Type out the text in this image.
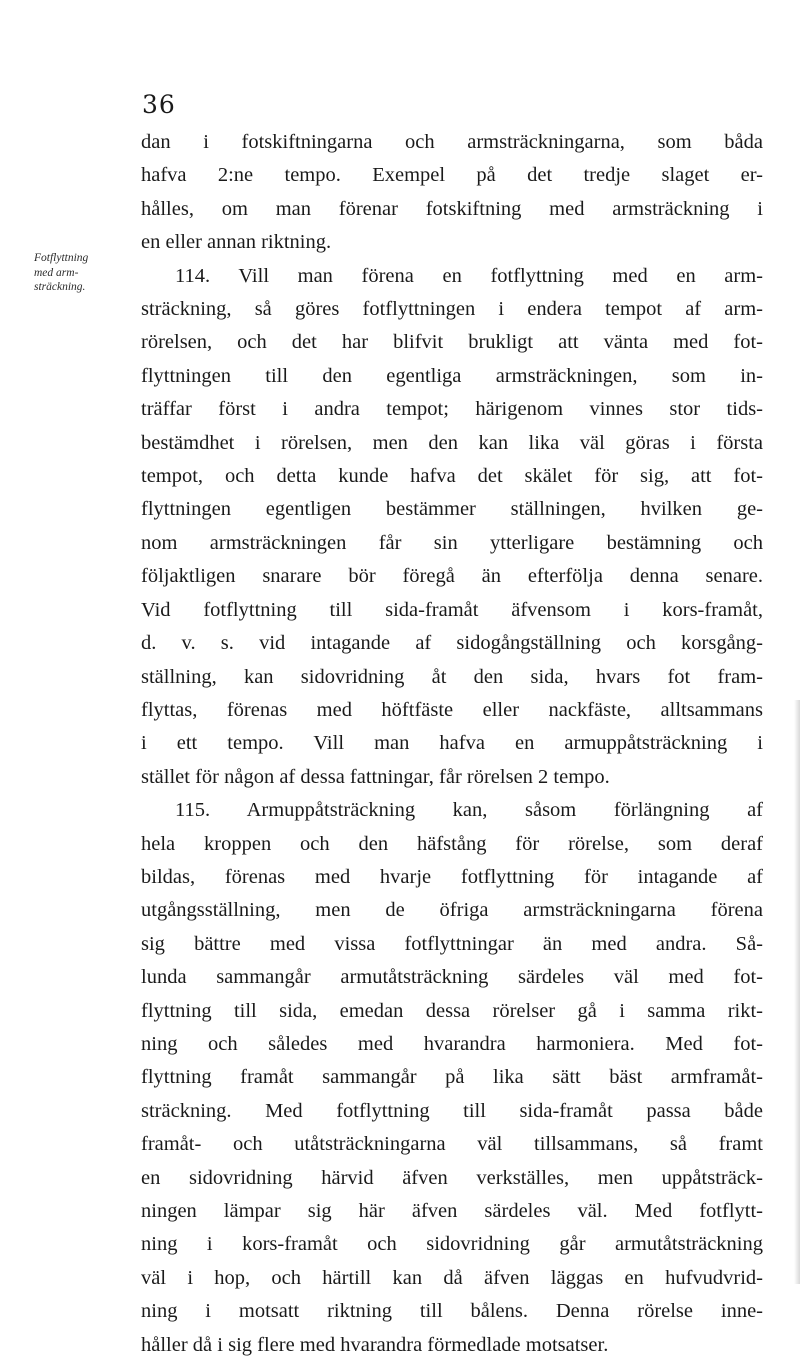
36
Fotflyttning
med arm-
sträckning.
dan i fotskiftningarna och armsträckningarna, som båda
hafva 2:ne tempo. Exempel på det tredje slaget er-
hålles, om man förenar fotskiftning med armsträckning i
en eller annan riktning.
114. Vill man förena en fotflyttning med en arm-
sträckning, så göres fotflyttningen i endera tempot af arm-
rörelsen, och det har blifvit brukligt att vänta med fot-
flyttningen till den egentliga armsträckningen, som in-
träffar först i andra tempot; härigenom vinnes stor tids-
bestämdhet i rörelsen, men den kan lika väl göras i första
tempot, och detta kunde hafva det skälet för sig, att fot-
flyttningen egentligen bestämmer ställningen, hvilken ge-
nom armsträckningen får sin ytterligare bestämning och
följaktligen snarare bör föregå än efterfölja denna senare.
Vid fotflyttning till sida-framåt äfvensom i kors-framåt,
d. v. s. vid intagande af sidogångställning och korsgång-
ställning, kan sidovridning åt den sida, hvars fot fram-
flyttas, förenas med höftfäste eller nackfäste, alltsammans
i ett tempo. Vill man hafva en armuppåtsträckning i
stället för någon af dessa fattningar, får rörelsen 2 tempo.
115. Armuppåtsträckning kan, såsom förlängning af
hela kroppen och den häfstång för rörelse, som deraf
bildas, förenas med hvarje fotflyttning för intagande af
utgångsställning, men de öfriga armsträckningarna förena
sig bättre med vissa fotflyttningar än med andra. Så-
lunda sammangår armutåtsträckning särdeles väl med fot-
flyttning till sida, emedan dessa rörelser gå i samma rikt-
ning och således med hvarandra harmoniera. Med fot-
flyttning framåt sammangår på lika sätt bäst armframåt-
sträckning. Med fotflyttning till sida-framåt passa både
framåt- och utåtsträckningarna väl tillsammans, så framt
en sidovridning härvid äfven verkställes, men uppåtsträck-
ningen lämpar sig här äfven särdeles väl. Med fotflytt-
ning i kors-framåt och sidovridning går armutåtsträckning
väl i hop, och härtill kan då äfven läggas en hufvudvrid-
ning i motsatt riktning till bålens. Denna rörelse inne-
håller då i sig flere med hvarandra förmedlade motsatser.
